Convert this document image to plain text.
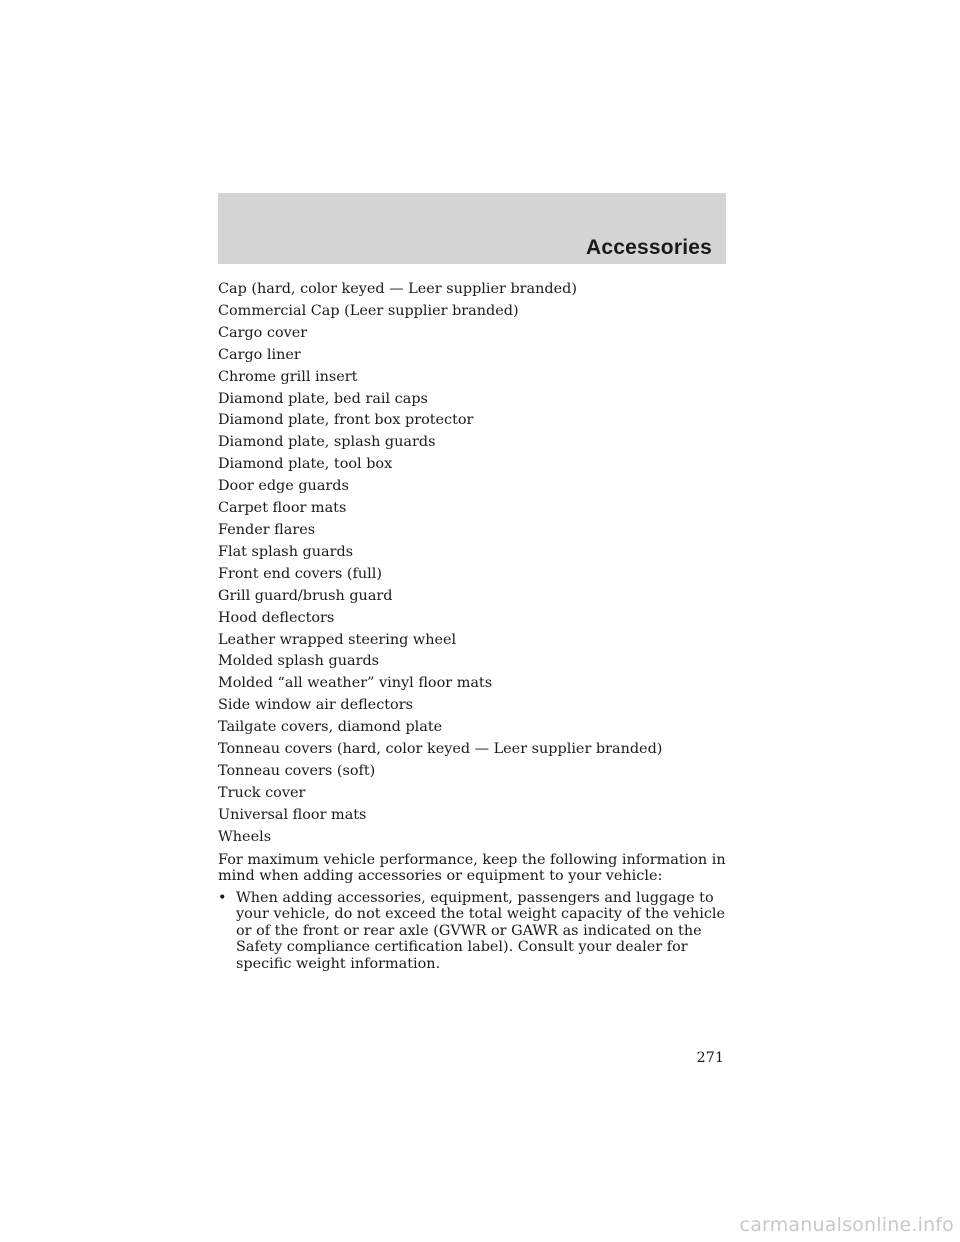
Accessories
Cap (hard, color keyed — Leer supplier branded)
Commercial Cap (Leer supplier branded)
Cargo cover
Cargo liner
Chrome grill insert
Diamond plate, bed rail caps
Diamond plate, front box protector
Diamond plate, splash guards
Diamond plate, tool box
Door edge guards
Carpet floor mats
Fender flares
Flat splash guards
Front end covers (full)
Grill guard/brush guard
Hood deflectors
Leather wrapped steering wheel
Molded splash guards
Molded “all weather” vinyl floor mats
Side window air deflectors
Tailgate covers, diamond plate
Tonneau covers (hard, color keyed — Leer supplier branded)
Tonneau covers (soft)
Truck cover
Universal floor mats
Wheels

For maximum vehicle performance, keep the following information in mind when adding accessories or equipment to your vehicle:

• When adding accessories, equipment, passengers and luggage to your vehicle, do not exceed the total weight capacity of the vehicle or of the front or rear axle (GVWR or GAWR as indicated on the Safety compliance certification label). Consult your dealer for specific weight information.
271
carmanualsonline.info
